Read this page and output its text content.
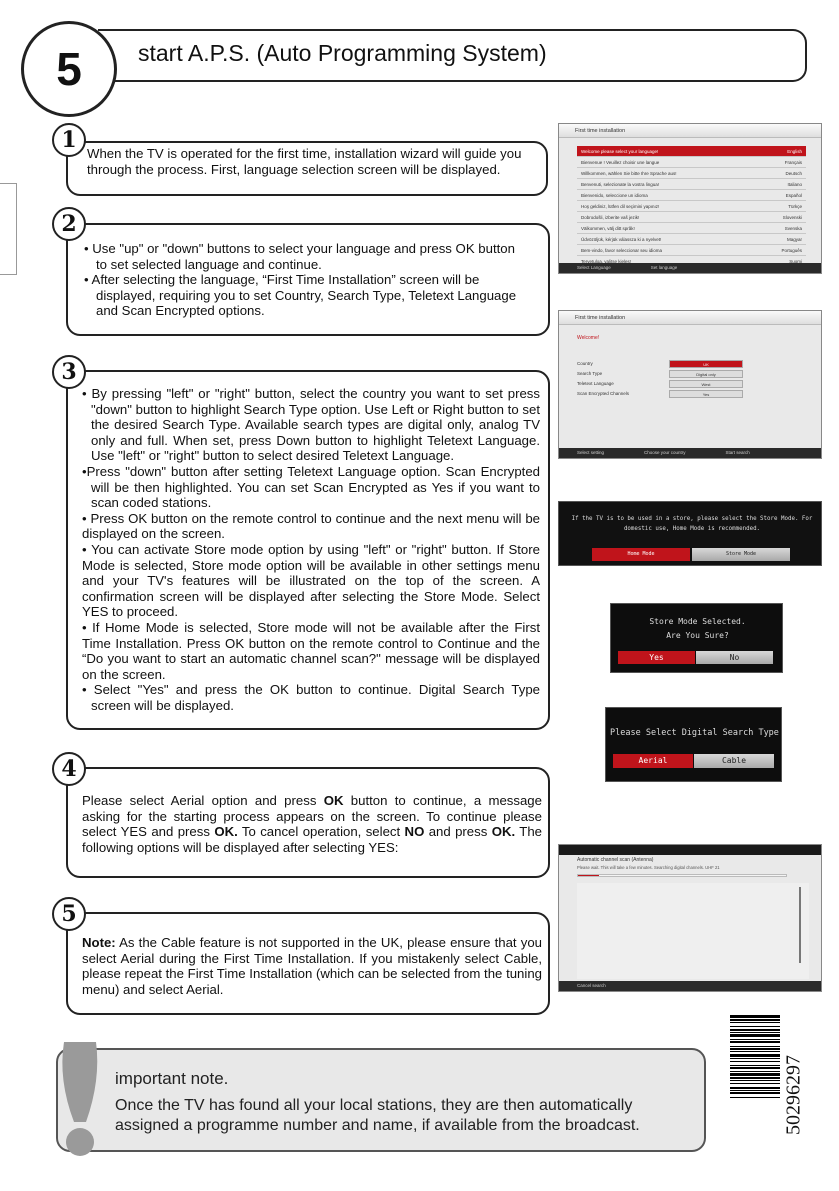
start A.P.S. (Auto Programming System)
5
1

When the TV is operated for the first time, installation wizard will guide you through the process. First, language selection screen will be displayed.

2

• Use "up" or "down" buttons to select your language and press OK button to set selected language and continue.

• After selecting the language, “First Time Installation” screen will be displayed, requiring you to set Country, Search Type, Teletext Language and Scan Encrypted options.

3

• By pressing "left" or "right" button, select the country you want to set press "down" button to highlight Search Type option. Use Left or Right button to set the desired Search Type. Available search types are digital only, analog TV only and full. When set, press Down button to highlight Teletext Language. Use "left" or "right" button to select desired Teletext Language.

•Press "down" button after setting Teletext Language option. Scan Encrypted will be then highlighted. You can set Scan Encrypted as Yes if you want to scan coded stations.

• Press OK button on the remote control to continue and the next menu will be displayed on the screen.

• You can activate Store mode option by using "left" or "right" button. If Store Mode is selected, Store mode option will be available in other settings menu and your TV's features will be illustrated on the top of the screen. A confirmation screen will be displayed after selecting the Store Mode. Select YES to proceed.

• If Home Mode is selected, Store mode will not be available after the First Time Installation. Press OK button on the remote control to Continue and the “Do you want to start an automatic channel scan?" message will be displayed on the screen.

• Select "Yes" and press the OK button to continue. Digital Search Type screen will be displayed.

4

Please select Aerial option and press OK button to continue, a message asking for the starting process appears on the screen. To continue please select YES and press OK. To cancel operation, select NO and press OK. The following options will be displayed after selecting YES:

5

Note: As the Cable feature is not supported in the UK, please ensure that you select Aerial during the First Time Installation. If you mistakenly select Cable, please repeat the First Time Installation (which can be selected from the tuning menu) and select Aerial.

First time installation
Welcome please select your language!	English
Bienvenue ! Veuillez choisir une langue	Français
Willkommen, wählen Sie bitte Ihre Sprache aus!	Deutsch
Benvenuti, selezionate la vostra lingua!	Italiano
Bienvenido, seleccione un idioma	Español
Hoş geldiniz, lütfen dil seçimini yapınız!	Türkçe
Dobrodošli, izberite vaš jezik!	Slovenski
Välkommen, välj ditt språk!	Svenska
Üdvözöljük, kérjük válassza ki a nyelvet!	Magyar
Bem-vindo, favor seleccionar seu idioma	Português
Tervetuloa, valitse kieles!	Suomi
Select Language	Set language
First time installation
Welcome!
Country	UK
Search Type	Digital only
Teletext Language	West
Scan Encrypted Channels	Yes
Select setting	Choose your country	Start search
If the TV is to be used in a store, please select the Store Mode. For domestic use, Home Mode is recommended.
Home Mode	Store Mode
Store Mode Selected.
Are You Sure?
Yes	No
Please Select Digital Search Type
Aerial	Cable
Automatic channel scan (Antenna)
Please wait. This will take a few minutes. Searching digital channels. UHF 21
Cancel search
important note.
Once the TV has found all your local stations, they are then automatically assigned a programme number and name, if available from the broadcast.	50296297
